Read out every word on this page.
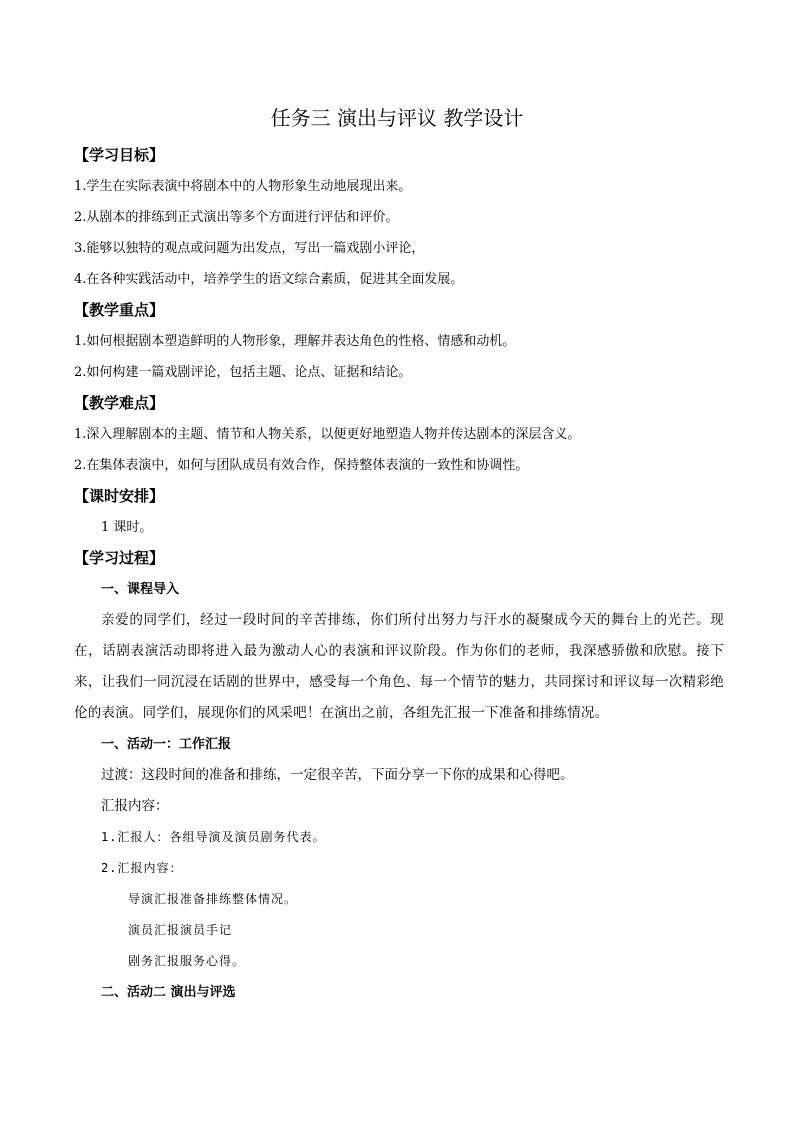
任务三 演出与评议 教学设计
【学习目标】
1.学生在实际表演中将剧本中的人物形象生动地展现出来。
2.从剧本的排练到正式演出等多个方面进行评估和评价。
3.能够以独特的观点或问题为出发点，写出一篇戏剧小评论，
4.在各种实践活动中，培养学生的语文综合素质，促进其全面发展。
【教学重点】
1.如何根据剧本塑造鲜明的人物形象，理解并表达角色的性格、情感和动机。
2.如何构建一篇戏剧评论，包括主题、论点、证据和结论。
【教学难点】
1.深入理解剧本的主题、情节和人物关系，以便更好地塑造人物并传达剧本的深层含义。
2.在集体表演中，如何与团队成员有效合作，保持整体表演的一致性和协调性。
【课时安排】
1 课时。
【学习过程】
一、课程导入

亲爱的同学们，经过一段时间的辛苦排练，你们所付出努力与汗水的凝聚成今天的舞台上的光芒。现在，话剧表演活动即将进入最为激动人心的表演和评议阶段。作为你们的老师，我深感骄傲和欣慰。接下来，让我们一同沉浸在话剧的世界中，感受每一个角色、每一个情节的魅力，共同探讨和评议每一次精彩绝伦的表演。同学们，展现你们的风采吧！在演出之前，各组先汇报一下准备和排练情况。

一、活动一：工作汇报
过渡：这段时间的准备和排练，一定很辛苦，下面分享一下你的成果和心得吧。
汇报内容：
1.汇报人：各组导演及演员剧务代表。
2.汇报内容：
导演汇报准备排练整体情况。
演员汇报演员手记
剧务汇报服务心得。
二、活动二 演出与评选
